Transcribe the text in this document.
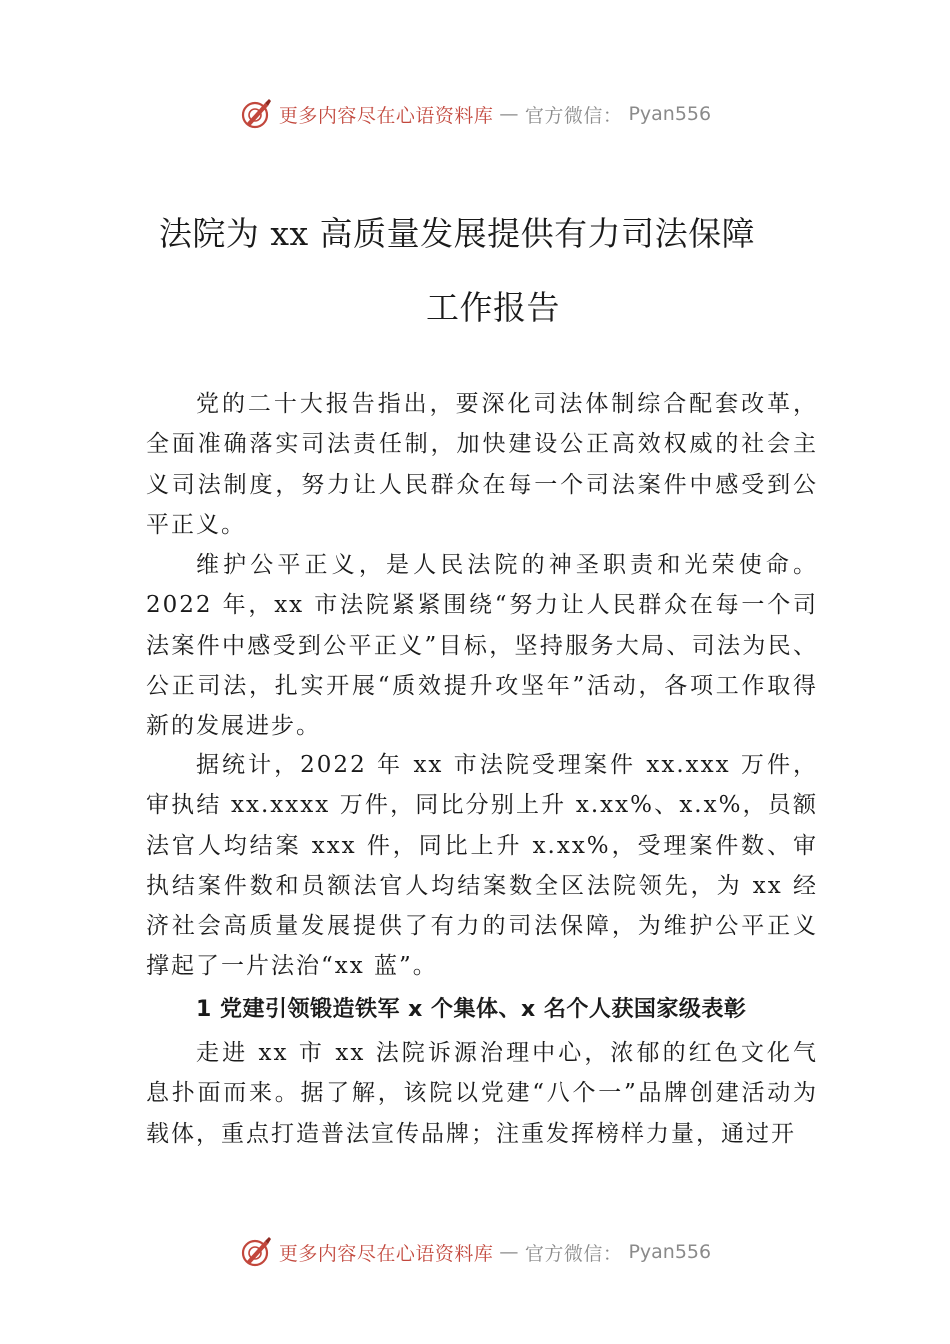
更多内容尽在心语资料库 — 官方微信： Pyan556
法院为 xx 高质量发展提供有力司法保障
工作报告

党的二十大报告指出，要深化司法体制综合配套改革，全面准确落实司法责任制，加快建设公正高效权威的社会主义司法制度，努力让人民群众在每一个司法案件中感受到公平正义。

维护公平正义，是人民法院的神圣职责和光荣使命。2022 年，xx 市法院紧紧围绕“努力让人民群众在每一个司法案件中感受到公平正义”目标，坚持服务大局、司法为民、 公正司法，扎实开展“质效提升攻坚年”活动，各项工作取得新的发展进步。

据统计，2022 年 xx 市法院受理案件 xx.xxx 万件，审执结 xx.xxxx 万件，同比分别上升 x.xx%、x.x%，员额法官人均结案 xxx 件，同比上升 x.xx%，受理案件数、审执结案件数和员额法官人均结案数全区法院领先，为 xx 经济社会高质量发展提供了有力的司法保障，为维护公平正义撑起了一片法治“xx 蓝”。

1 党建引领锻造铁军 x 个集体、x 名个人获国家级表彰

走进 xx 市 xx 法院诉源治理中心，浓郁的红色文化气息扑面而来。据了解，该院以党建“八个一”品牌创建活动为载体，重点打造普法宣传品牌；注重发挥榜样力量，通过开

更多内容尽在心语资料库 — 官方微信： Pyan556
